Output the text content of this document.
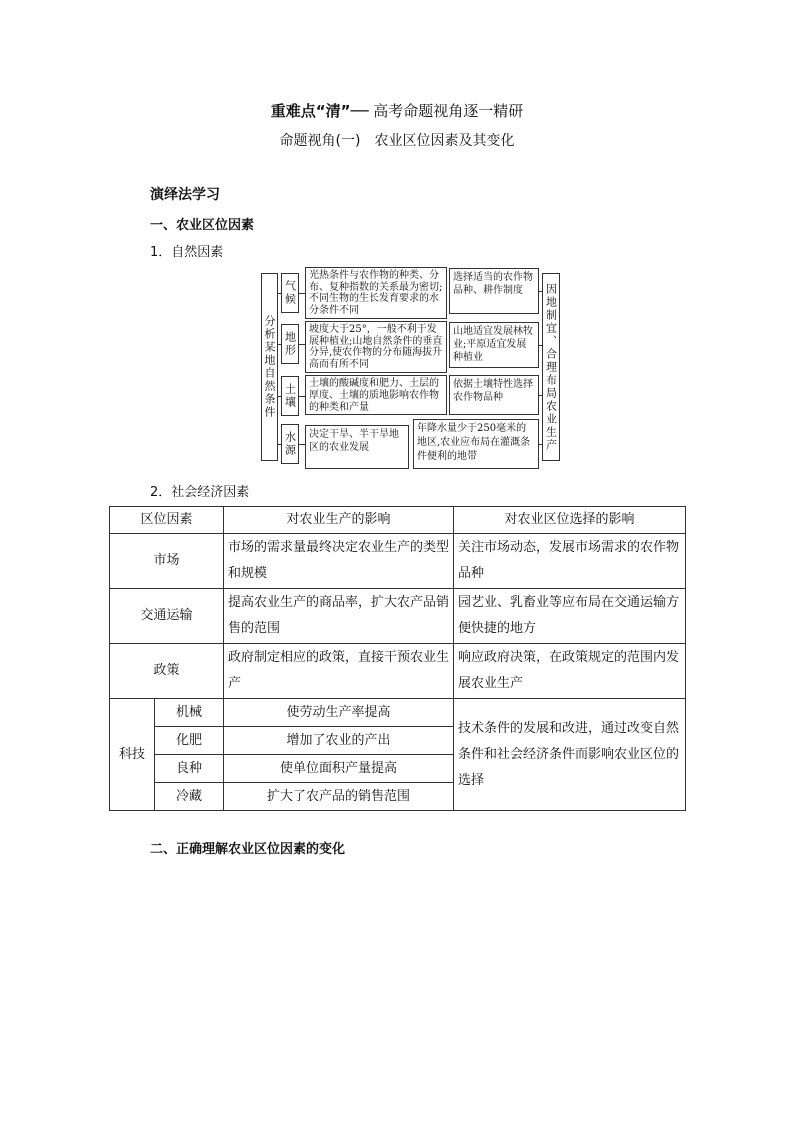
重难点“清”── 高考命题视角逐一精研
命题视角(一)　农业区位因素及其变化
演绎法学习
一、农业区位因素
1．自然因素
分析某地自然条件	因地制宜、合理布局农业生产
气候
光热条件与农作物的种类、分布、复种指数的关系最为密切;不同生物的生长发育要求的水分条件不同
选择适当的农作物品种、耕作制度
地形
坡度大于25°，一般不利于发展种植业;山地自然条件的垂直分异,使农作物的分布随海拔升高而有所不同
山地适宜发展林牧业;平原适宜发展种植业
土壤	土壤的酸碱度和肥力、土层的厚度、土壤的质地影响农作物的种类和产量
依据土壤特性选择农作物品种
水源	决定干旱、半干旱地区的农业发展
年降水量少于250毫米的地区,农业应布局在灌溉条件便利的地带
2．社会经济因素
区位因素		对农业生产的影响	对农业区位选择的影响
市场		市场的需求量最终决定农业生产的类型和规模	关注市场动态，发展市场需求的农作物品种
交通运输		提高农业生产的商品率，扩大农产品销售的范围	园艺业、乳畜业等应布局在交通运输方便快捷的地方
政策		政府制定相应的政策，直接干预农业生产	响应政府决策，在政策规定的范围内发展农业生产
科技	机械	使劳动生产率提高	技术条件的发展和改进，通过改变自然条件和社会经济条件而影响农业区位的选择
	化肥	增加了农业的产出	
	良种	使单位面积产量提高	
	冷藏	扩大了农产品的销售范围	
二、正确理解农业区位因素的变化
